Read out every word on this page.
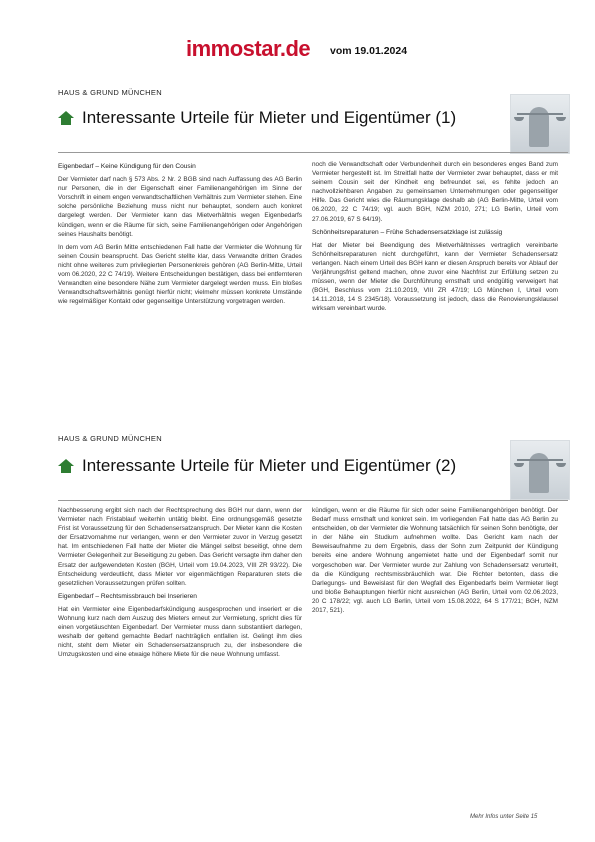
immostar.de vom 19.01.2024
HAUS & GRUND MÜNCHEN
Interessante Urteile für Mieter und Eigentümer (1)
Eigenbedarf – Keine Kündigung für den Cousin

Der Vermieter darf nach § 573 Abs. 2 Nr. 2 BGB sind nach Auffassung des AG Berlin nur Personen, die in der Eigenschaft einer Familienangehörigen im Sinne der Vorschrift in einem engen verwandtschaftlichen Verhältnis zum Vermieter stehen. Eine solche persönliche Beziehung muss nicht nur behauptet, sondern auch konkret dargelegt werden. Der Vermieter kann das Mietverhältnis wegen Eigenbedarfs kündigen, wenn er die Räume für sich, seine Familienangehörigen oder Angehörigen seines Haushalts benötigt.

In dem vom AG Berlin Mitte entschiedenen Fall hatte der Vermieter die Wohnung für seinen Cousin beansprucht. Das Gericht stellte klar, dass Verwandte dritten Grades nicht ohne weiteres zum privilegierten Personenkreis gehören (AG Berlin-Mitte, Urteil vom 06.2020, 22 C 74/19). Weitere Entscheidungen bestätigen, dass bei entfernteren Verwandten eine besondere Nähe zum Vermieter dargelegt werden muss. Ein bloßes Verwandtschaftsverhältnis genügt hierfür nicht; vielmehr müssen konkrete Umstände wie regelmäßiger Kontakt oder gegenseitige Unterstützung vorgetragen werden.

noch die Verwandtschaft oder Verbundenheit durch ein besonderes enges Band zum Vermieter hergestellt ist. Im Streitfall hatte der Vermieter zwar behauptet, dass er mit seinem Cousin seit der Kindheit eng befreundet sei, es fehlte jedoch an nachvollziehbaren Angaben zu gemeinsamen Unternehmungen oder gegenseitiger Hilfe. Das Gericht wies die Räumungsklage deshalb ab (AG Berlin-Mitte, Urteil vom 06.2020, 22 C 74/19; vgl. auch BGH, NZM 2010, 271; LG Berlin, Urteil vom 27.06.2019, 67 S 64/19).

Schönheitsreparaturen – Frühe Schadensersatzklage ist zulässig

Hat der Mieter bei Beendigung des Mietverhältnisses vertraglich vereinbarte Schönheitsreparaturen nicht durchgeführt, kann der Vermieter Schadensersatz verlangen. Nach einem Urteil des BGH kann er diesen Anspruch bereits vor Ablauf der Verjährungsfrist geltend machen, ohne zuvor eine Nachfrist zur Erfüllung setzen zu müssen, wenn der Mieter die Durchführung ernsthaft und endgültig verweigert hat (BGH, Beschluss vom 21.10.2019, VIII ZR 47/19; LG München I, Urteil vom 14.11.2018, 14 S 2345/18). Voraussetzung ist jedoch, dass die Renovierungsklausel wirksam vereinbart wurde.

HAUS & GRUND MÜNCHEN
Interessante Urteile für Mieter und Eigentümer (2)

Nachbesserung ergibt sich nach der Rechtsprechung des BGH nur dann, wenn der Vermieter nach Fristablauf weiterhin untätig bleibt. Eine ordnungsgemäß gesetzte Frist ist Voraussetzung für den Schadensersatzanspruch. Der Mieter kann die Kosten der Ersatzvornahme nur verlangen, wenn er den Vermieter zuvor in Verzug gesetzt hat. Im entschiedenen Fall hatte der Mieter die Mängel selbst beseitigt, ohne dem Vermieter Gelegenheit zur Beseitigung zu geben. Das Gericht versagte ihm daher den Ersatz der aufgewendeten Kosten (BGH, Urteil vom 19.04.2023, VIII ZR 93/22). Die Entscheidung verdeutlicht, dass Mieter vor eigenmächtigen Reparaturen stets die gesetzlichen Voraussetzungen prüfen sollten.

Eigenbedarf – Rechtsmissbrauch bei Inserieren

Hat ein Vermieter eine Eigenbedarfskündigung ausgesprochen und inseriert er die Wohnung kurz nach dem Auszug des Mieters erneut zur Vermietung, spricht dies für einen vorgetäuschten Eigenbedarf. Der Vermieter muss dann substantiiert darlegen, weshalb der geltend gemachte Bedarf nachträglich entfallen ist. Gelingt ihm dies nicht, steht dem Mieter ein Schadensersatzanspruch zu, der insbesondere die Umzugskosten und eine etwaige höhere Miete für die neue Wohnung umfasst.

kündigen, wenn er die Räume für sich oder seine Familienangehörigen benötigt. Der Bedarf muss ernsthaft und konkret sein. Im vorliegenden Fall hatte das AG Berlin zu entscheiden, ob der Vermieter die Wohnung tatsächlich für seinen Sohn benötigte, der in der Nähe ein Studium aufnehmen wollte. Das Gericht kam nach der Beweisaufnahme zu dem Ergebnis, dass der Sohn zum Zeitpunkt der Kündigung bereits eine andere Wohnung angemietet hatte und der Eigenbedarf somit nur vorgeschoben war. Der Vermieter wurde zur Zahlung von Schadensersatz verurteilt, da die Kündigung rechtsmissbräuchlich war. Die Richter betonten, dass die Darlegungs- und Beweislast für den Wegfall des Eigenbedarfs beim Vermieter liegt und bloße Behauptungen hierfür nicht ausreichen (AG Berlin, Urteil vom 02.06.2023, 20 C 178/22; vgl. auch LG Berlin, Urteil vom 15.08.2022, 64 S 177/21; BGH, NZM 2017, 521).

Mehr Infos unter Seite 15
